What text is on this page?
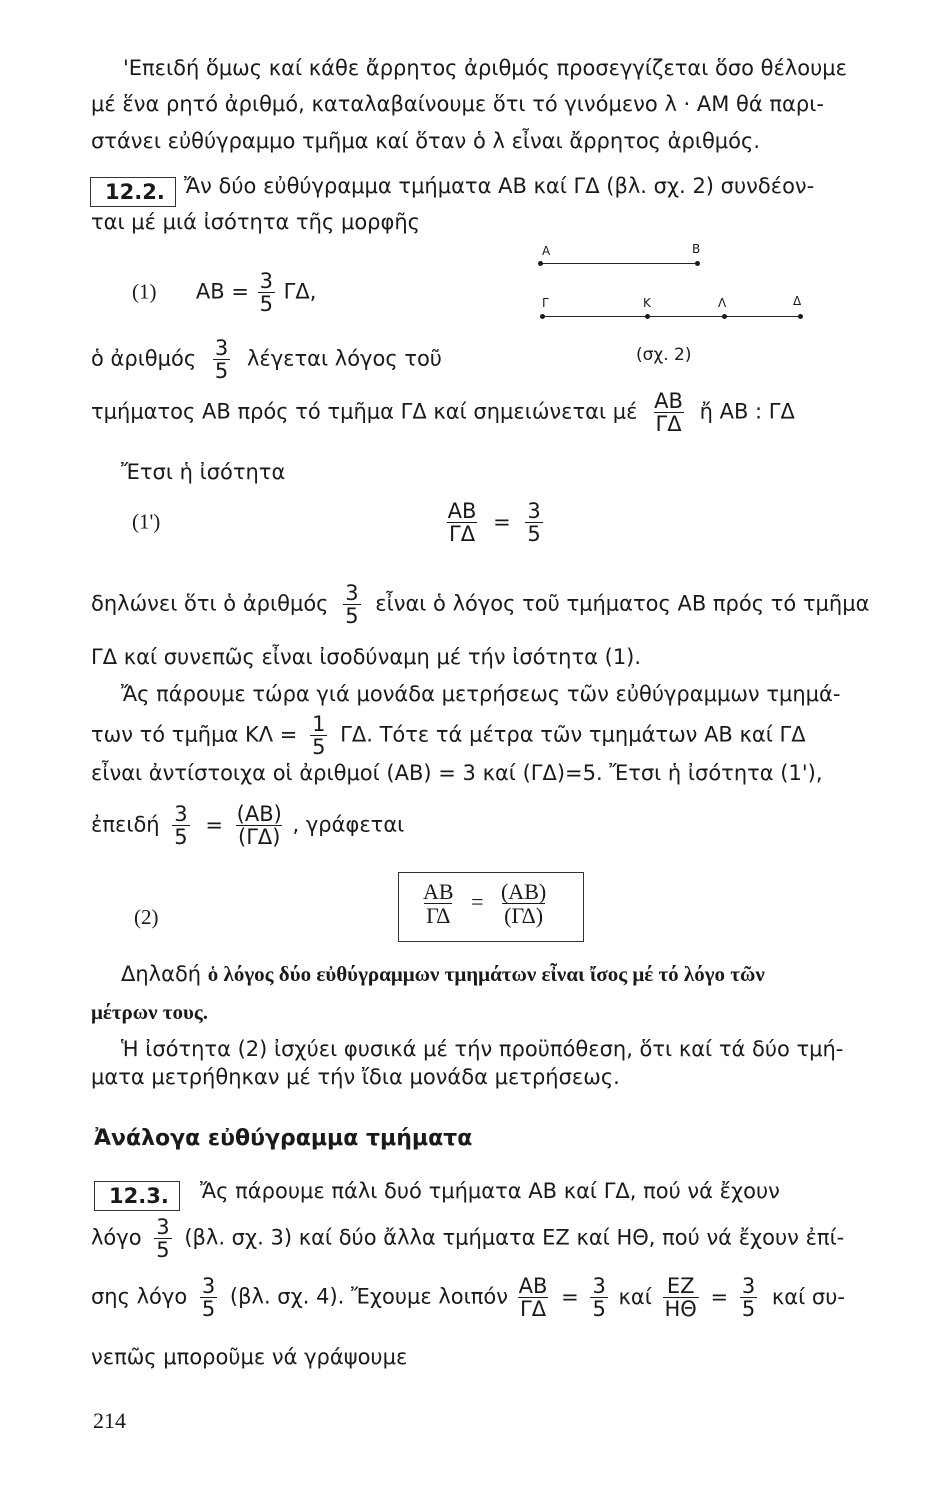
'Επειδή ὅμως καί κάθε ἄρρητος ἀριθμός προσεγγίζεται ὅσο θέλουμε
μέ ἕνα ρητό ἀριθμό, καταλαβαίνουμε ὅτι τό γινόμενο λ · AM θά παρι-
στάνει εὐθύγραμμο τμῆμα καί ὅταν ὁ λ εἶναι ἄρρητος ἀριθμός.
12.2. Ἄν δύο εὐθύγραμμα τμήματα AB καί ΓΔ (βλ. σχ. 2) συνδέον-
ται μέ μιά ἰσότητα τῆς μορφῆς
(1) AB = $\frac{3}{5} \Gamma\Delta$,
A	B
Γ	K	Λ	Δ
(σχ. 2)
ὁ ἀριθμός $\frac{3}{5}$ λέγεται λόγος τοῦ
τμήματος AB πρός τό τμῆμα ΓΔ καί σημειώνεται μέ $\frac{AB}{\Gamma\Delta}$ ἤ AB : ΓΔ
Ἔτσι ἡ ἰσότητα
(1')	$\frac{AB}{\Gamma\Delta} = \frac{3}{5}$
δηλώνει ὅτι ὁ ἀριθμός $\frac{3}{5}$ εἶναι ὁ λόγος τοῦ τμήματος AB πρός τό τμῆμα
ΓΔ καί συνεπῶς εἶναι ἰσοδύναμη μέ τήν ἰσότητα (1).
Ἄς πάρουμε τώρα γιά μονάδα μετρήσεως τῶν εὐθύγραμμων τμημά-
των τό τμῆμα $K\Lambda = \frac{1}{5} \Gamma\Delta$. Τότε τά μέτρα τῶν τμημάτων AB καί ΓΔ
εἶναι ἀντίστοιχα οἱ ἀριθμοί (AB) = 3 καί (ΓΔ)=5. Ἔτσι ἡ ἰσότητα (1'),
ἐπειδή $\frac{3}{5} = \frac{(AB)}{(\Gamma\Delta)}$ , γράφεται
(2)	$\frac{AB}{\Gamma\Delta} = \frac{(AB)}{(\Gamma\Delta)}$
Δηλαδή ὁ λόγος δύο εὐθύγραμμων τμημάτων εἶναι ἴσος μέ τό λόγο τῶν
μέτρων τους.
Ἡ ἰσότητα (2) ἰσχύει φυσικά μέ τήν προϋπόθεση, ὅτι καί τά δύο τμή-
ματα μετρήθηκαν μέ τήν ἴδια μονάδα μετρήσεως.
Ἀνάλογα εὐθύγραμμα τμήματα
12.3.	Ἄς πάρουμε πάλι δυό τμήματα AB καί ΓΔ, πού νά ἔχουν
λόγο $\frac{3}{5} (\beta\lambda$. σχ. 3) καί δύο ἄλλα τμήματα EZ καί HΘ, πού νά ἔχουν ἐπί-
σης λόγο $\frac{3}{5} (\beta\lambda$. σχ. 4). Ἔχουμε λοιπόν $\frac{AB}{\Gamma\Delta} = \frac{3}{5}$ καί $\frac{EZ}{H\Theta} = \frac{3}{5}$ καί συ-
νεπῶς μποροῦμε νά γράψουμε
214
